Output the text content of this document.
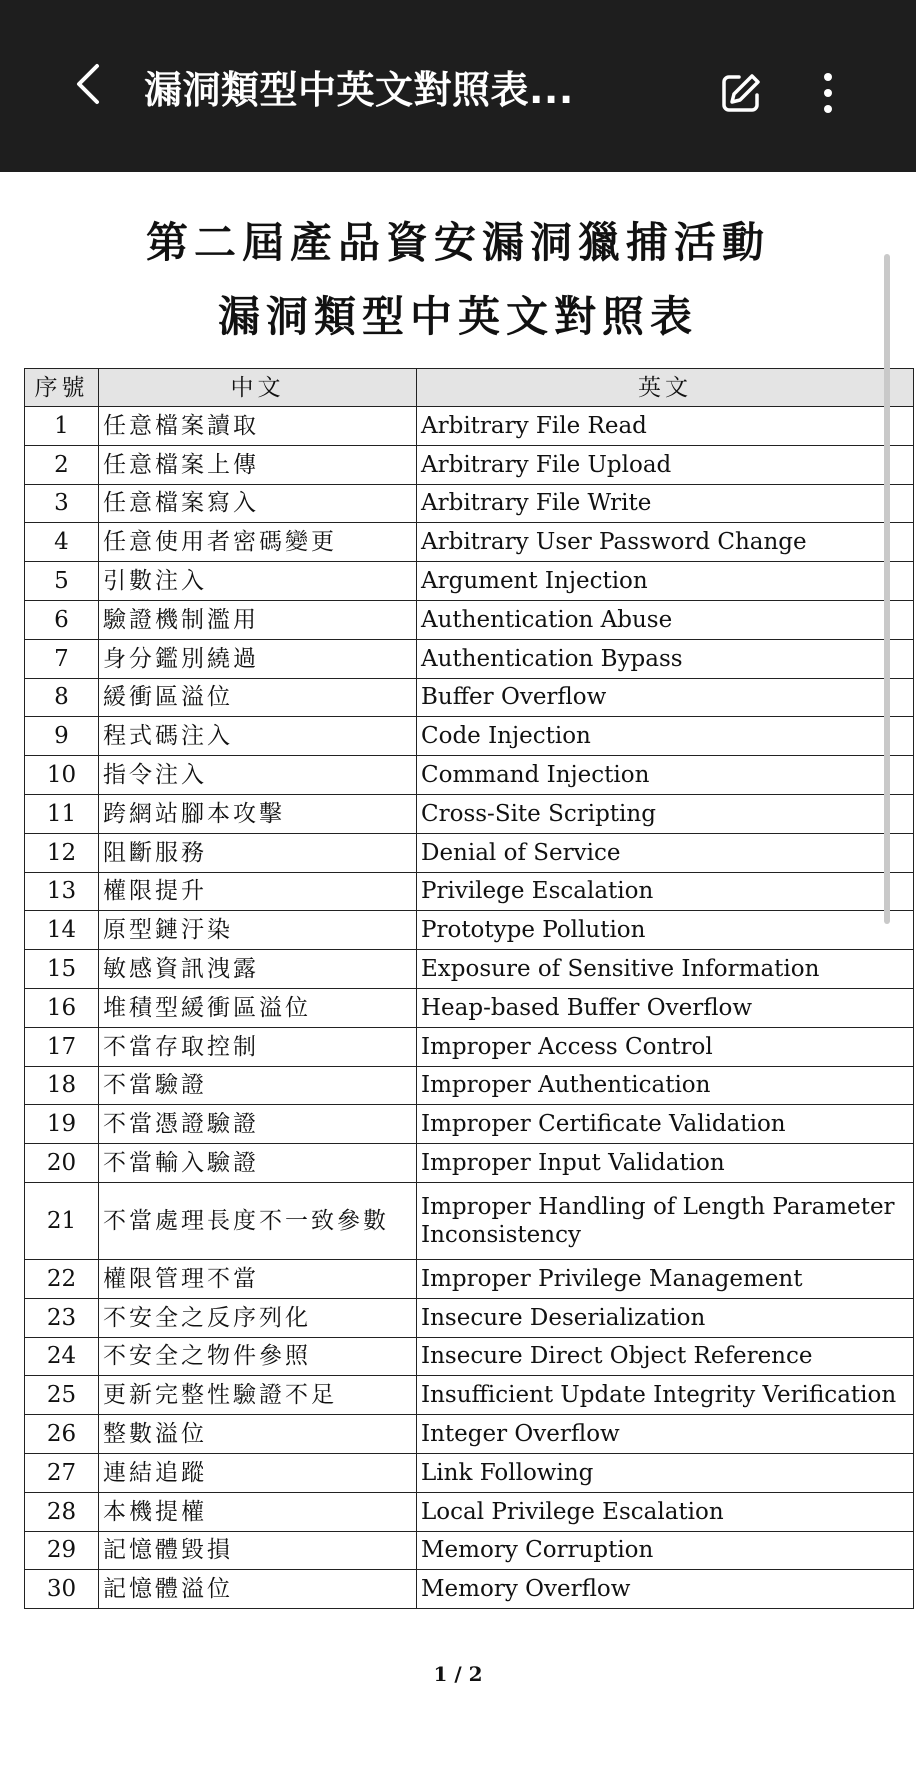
漏洞類型中英文對照表...
第二屆產品資安漏洞獵捕活動
漏洞類型中英文對照表
序號	中文	英文
1	任意檔案讀取	Arbitrary File Read
2	任意檔案上傳	Arbitrary File Upload
3	任意檔案寫入	Arbitrary File Write
4	任意使用者密碼變更	Arbitrary User Password Change
5	引數注入	Argument Injection
6	驗證機制濫用	Authentication Abuse
7	身分鑑別繞過	Authentication Bypass
8	緩衝區溢位	Buffer Overflow
9	程式碼注入	Code Injection
10	指令注入	Command Injection
11	跨網站腳本攻擊	Cross-Site Scripting
12	阻斷服務	Denial of Service
13	權限提升	Privilege Escalation
14	原型鏈汙染	Prototype Pollution
15	敏感資訊洩露	Exposure of Sensitive Information
16	堆積型緩衝區溢位	Heap-based Buffer Overflow
17	不當存取控制	Improper Access Control
18	不當驗證	Improper Authentication
19	不當憑證驗證	Improper Certificate Validation
20	不當輸入驗證	Improper Input Validation
21	不當處理長度不一致參數	Improper Handling of Length Parameter Inconsistency
22	權限管理不當	Improper Privilege Management
23	不安全之反序列化	Insecure Deserialization
24	不安全之物件參照	Insecure Direct Object Reference
25	更新完整性驗證不足	Insufficient Update Integrity Verification
26	整數溢位	Integer Overflow
27	連結追蹤	Link Following
28	本機提權	Local Privilege Escalation
29	記憶體毀損	Memory Corruption
30	記憶體溢位	Memory Overflow
1 / 2
